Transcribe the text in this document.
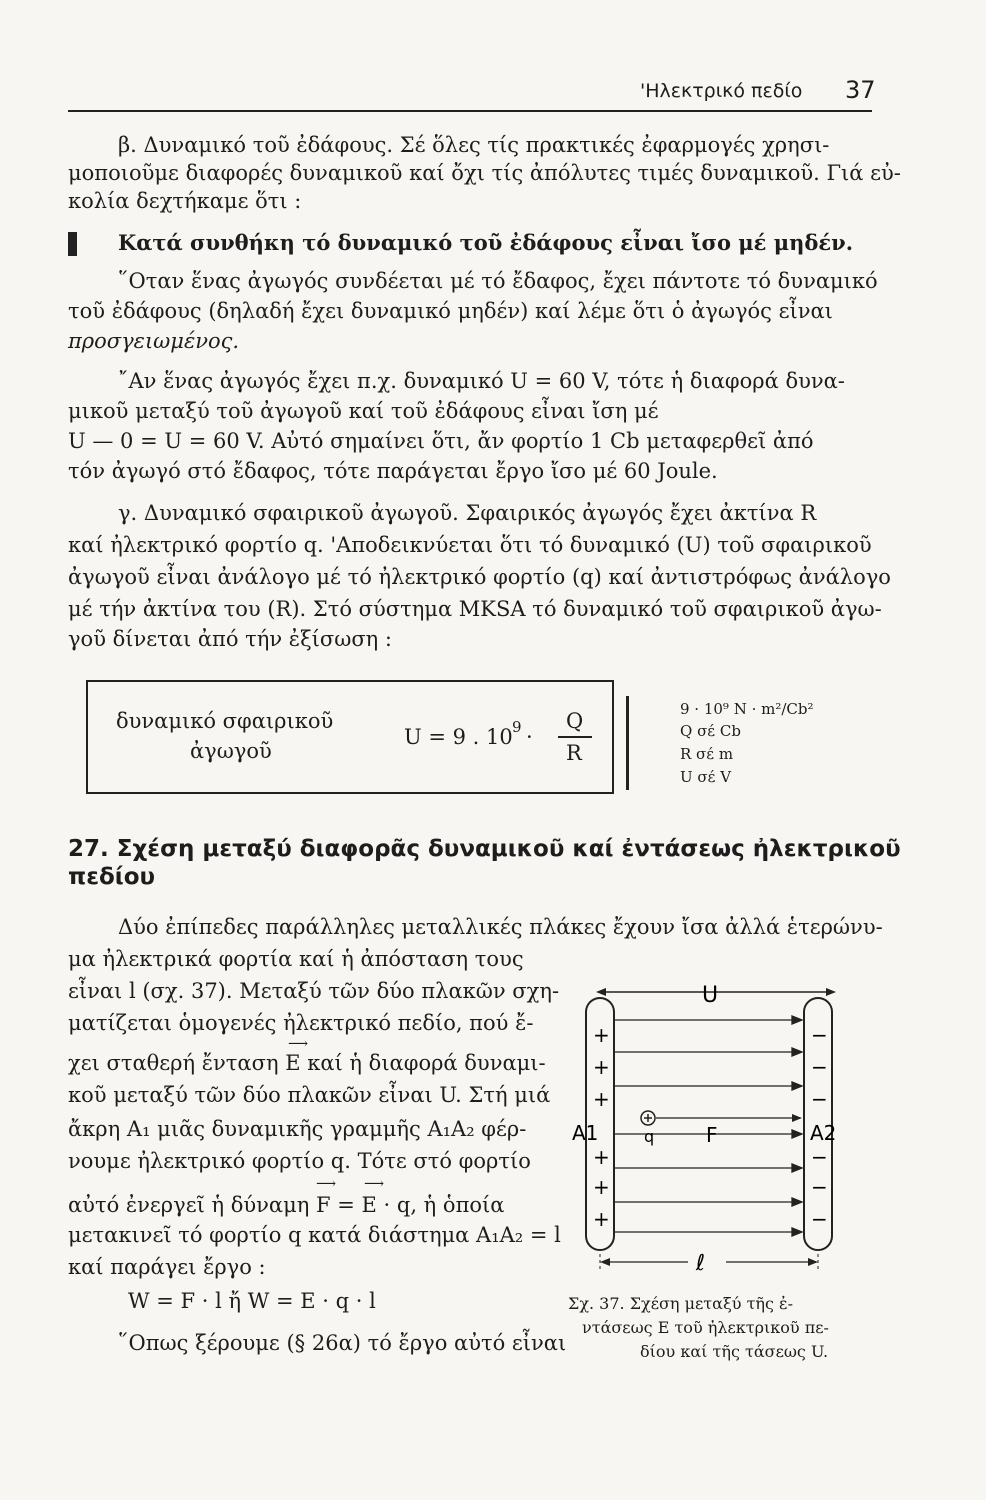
'Ηλεκτρικό πεδίο 37
β. Δυναμικό τοῦ ἐδάφους. Σέ ὅλες τίς πρακτικές ἐφαρμογές χρησι-
μοποιοῦμε διαφορές δυναμικοῦ καί ὄχι τίς ἀπόλυτες τιμές δυναμικοῦ. Γιά εὐ-
κολία δεχτήκαμε ὅτι :
Κατά συνθήκη τό δυναμικό τοῦ ἐδάφους εἶναι ἴσο μέ μηδέν.
῞Οταν ἕνας ἀγωγός συνδέεται μέ τό ἔδαφος, ἔχει πάντοτε τό δυναμικό
τοῦ ἐδάφους (δηλαδή ἔχει δυναμικό μηδέν) καί λέμε ὅτι ὁ ἀγωγός εἶναι
προσγειωμένος.
῎Αν ἕνας ἀγωγός ἔχει π.χ. δυναμικό U = 60 V, τότε ἡ διαφορά δυνα-
μικοῦ μεταξύ τοῦ ἀγωγοῦ καί τοῦ ἐδάφους εἶναι ἴση μέ
U — 0 = U = 60 V. Αὐτό σημαίνει ὅτι, ἄν φορτίο 1 Cb μεταφερθεῖ ἀπό
τόν ἀγωγό στό ἔδαφος, τότε παράγεται ἔργο ἴσο μέ 60 Joule.
γ. Δυναμικό σφαιρικοῦ ἀγωγοῦ. Σφαιρικός ἀγωγός ἔχει ἀκτίνα R
καί ἠλεκτρικό φορτίο q. 'Αποδεικνύεται ὅτι τό δυναμικό (U) τοῦ σφαιρικοῦ
ἀγωγοῦ εἶναι ἀνάλογο μέ τό ἠλεκτρικό φορτίο (q) καί ἀντιστρόφως ἀνάλογο
μέ τήν ἀκτίνα του (R). Στό σύστημα MKSA τό δυναμικό τοῦ σφαιρικοῦ ἀγω-
γοῦ δίνεται ἀπό τήν ἐξίσωση :
δυναμικό σφαιρικοῦ
ἀγωγοῦ
U = 9 . 10 9 ·
Q
R
9 · 10⁹ N · m²/Cb²
Q σέ Cb
R σέ m
U σέ V
27. Σχέση μεταξύ διαφορᾶς δυναμικοῦ καί ἐντάσεως ἠλεκτρικοῦ
πεδίου
Δύο ἐπίπεδες παράλληλες μεταλλικές πλάκες ἔχουν ἴσα ἀλλά ἑτερώνυ-
μα ἠλεκτρικά φορτία καί ἡ ἀπόσταση τους
εἶναι l (σχ. 37). Μεταξύ τῶν δύο πλακῶν σχη-
ματίζεται ὁμογενές ἠλεκτρικό πεδίο, πού ἔ-
⟶
χει σταθερή ἔνταση E καί ἡ διαφορά δυναμι-
κοῦ μεταξύ τῶν δύο πλακῶν εἶναι U. Στή μιά
ἄκρη A₁ μιᾶς δυναμικῆς γραμμῆς A₁A₂ φέρ-
νουμε ἠλεκτρικό φορτίο q. Τότε στό φορτίο
⟶ ⟶
αὐτό ἐνεργεῖ ἡ δύναμη F = E · q, ἡ ὁποία
μετακινεῖ τό φορτίο q κατά διάστημα A₁A₂ = l
καί παράγει ἔργο :
W = F · l ἤ W = E · q · l
῞Οπως ξέρουμε (§ 26α) τό ἔργο αὐτό εἶναι
U
+
+
+
+
+
+
−
−
−
−
−
−
A1	A2
q	F
ℓ
Σχ. 37. Σχέση μεταξύ τῆς ἐ-
ντάσεως E τοῦ ἠλεκτρικοῦ πε-
δίου καί τῆς τάσεως U.
